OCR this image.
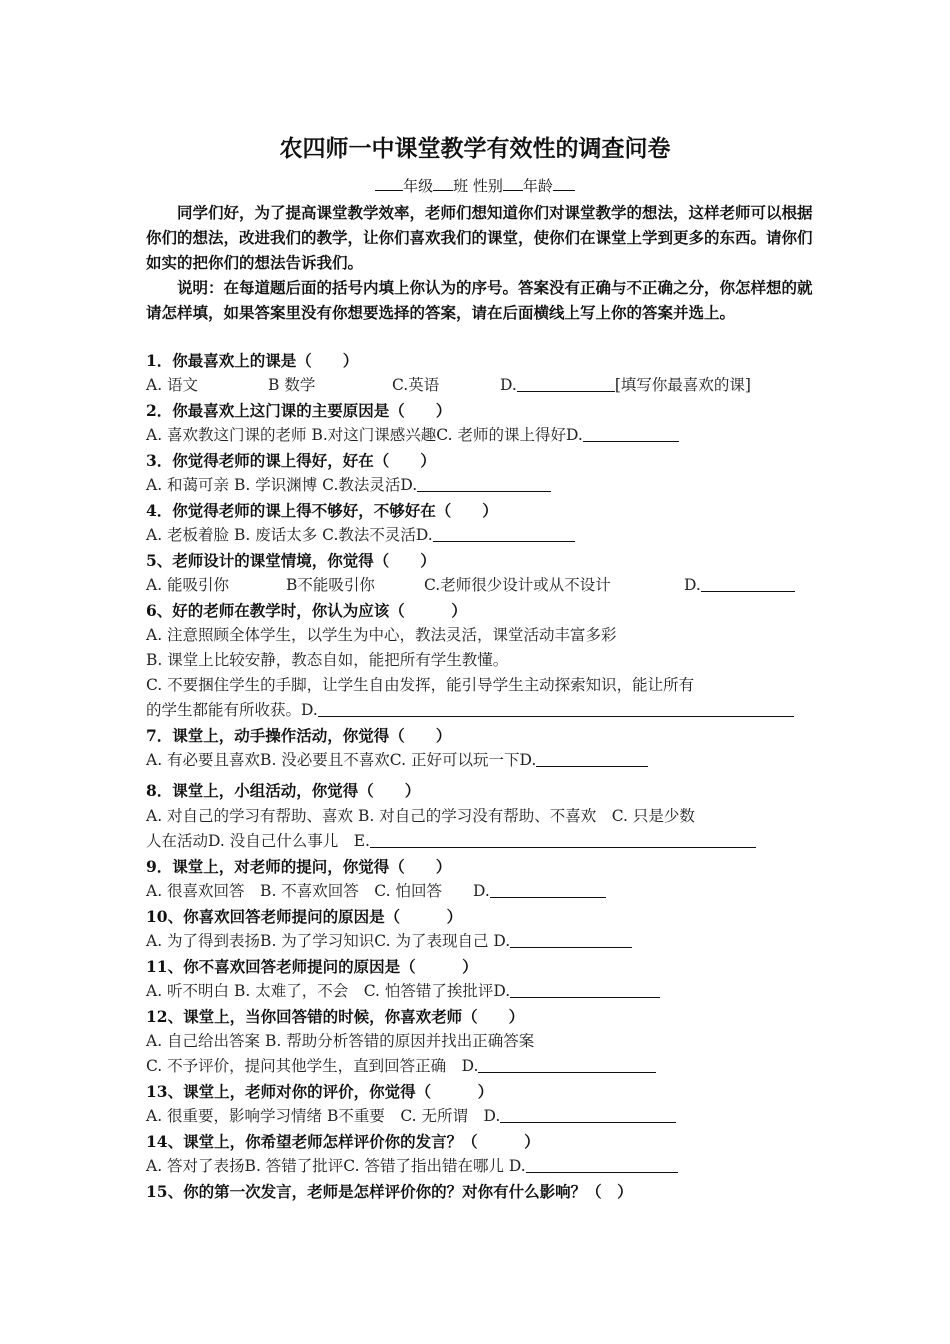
农四师一中课堂教学有效性的调查问卷
年级 班 性别 年龄

同学们好，为了提高课堂教学效率，老师们想知道你们对课堂教学的想法，这样老师可以根据你们的想法，改进我们的教学，让你们喜欢我们的课堂，使你们在课堂上学到更多的东西。请你们如实的把你们的想法告诉我们。

说明：在每道题后面的括号内填上你认为的序号。答案没有正确与不正确之分，你怎样想的就请怎样填，如果答案里没有你想要选择的答案，请在后面横线上写上你的答案并选上。

1．你最喜欢上的课是（　　）
A. 语文	B 数学	C.英语	D.	[填写你最喜欢的课]
2．你最喜欢上这门课的主要原因是（　　）
A. 喜欢教这门课的老师 B.对这门课感兴趣C. 老师的课上得好D.
3．你觉得老师的课上得好，好在（　　）
A. 和蔼可亲 B. 学识渊博 C.教法灵活D.
4．你觉得老师的课上得不够好，不够好在（　　）
A. 老板着脸 B. 废话太多 C.教法不灵活D.
5、老师设计的课堂情境，你觉得（　　）
A. 能吸引你	B不能吸引你	C.老师很少设计或从不设计	D.
6、好的老师在教学时，你认为应该（　　　）
A. 注意照顾全体学生，以学生为中心，教法灵活，课堂活动丰富多彩
B. 课堂上比较安静，教态自如，能把所有学生教懂。
C. 不要捆住学生的手脚，让学生自由发挥，能引导学生主动探索知识，能让所有
的学生都能有所收获。D.
7．课堂上，动手操作活动，你觉得（　　）
A. 有必要且喜欢B. 没必要且不喜欢C. 正好可以玩一下D.
8．课堂上，小组活动，你觉得（　　）
A. 对自己的学习有帮助、喜欢 B. 对自己的学习没有帮助、不喜欢　C. 只是少数
人在活动D. 没自己什么事儿　E.
9．课堂上，对老师的提问，你觉得（　　）
A. 很喜欢回答　B. 不喜欢回答　C. 怕回答　　D.
10、你喜欢回答老师提问的原因是（　　　）
A. 为了得到表扬B. 为了学习知识C. 为了表现自己 D.
11、你不喜欢回答老师提问的原因是（　　　）
A. 听不明白 B. 太难了，不会　C. 怕答错了挨批评D.
12、课堂上，当你回答错的时候，你喜欢老师（　　）
A. 自己给出答案 B. 帮助分析答错的原因并找出正确答案
C. 不予评价，提问其他学生，直到回答正确　D.
13、课堂上，老师对你的评价，你觉得（　　　）
A. 很重要，影响学习情绪 B不重要　C. 无所谓　D.
14、课堂上，你希望老师怎样评价你的发言？（　　　）
A. 答对了表扬B. 答错了批评C. 答错了指出错在哪儿 D.
15、你的第一次发言，老师是怎样评价你的？对你有什么影响？（　）
